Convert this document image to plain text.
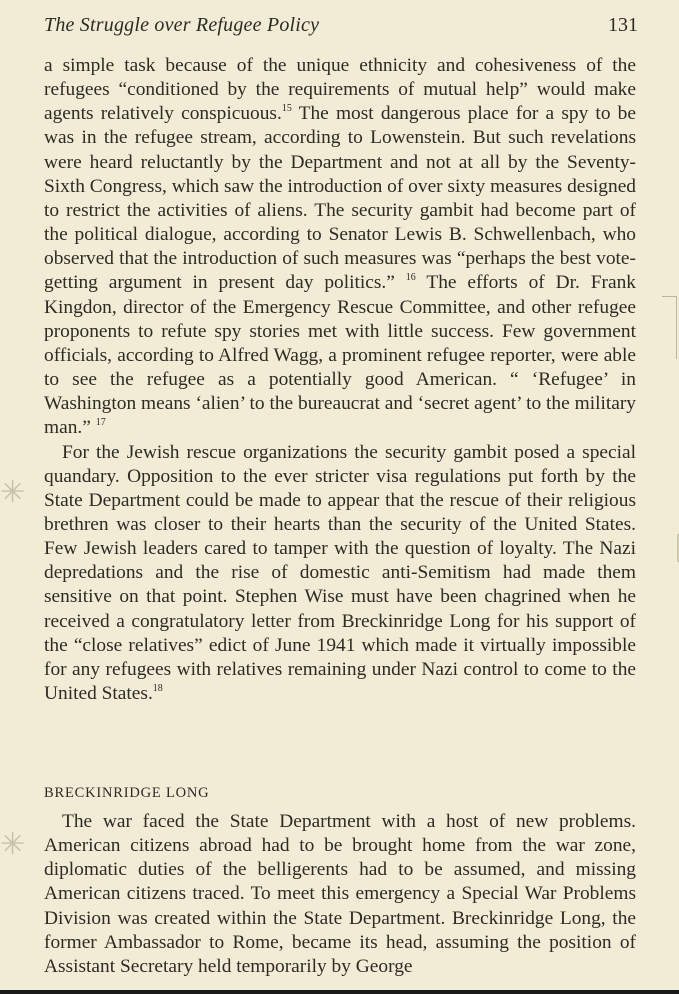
The Struggle over Refugee Policy	131

a simple task because of the unique ethnicity and cohesiveness of the refugees “conditioned by the requirements of mutual help” would make agents relatively conspicuous.$^{15}$ The most dangerous place for a spy to be was in the refugee stream, according to Lowenstein. But such revelations were heard reluctantly by the Department and not at all by the Seventy-Sixth Congress, which saw the introduction of over sixty measures designed to restrict the activities of aliens. The security gambit had become part of the political dialogue, according to Senator Lewis B. Schwellenbach, who observed that the introduction of such measures was “perhaps the best vote-getting argument in present day politics.” $^{16}$ The efforts of Dr. Frank Kingdon, director of the Emergency Rescue Committee, and other refugee proponents to refute spy stories met with little success. Few government officials, according to Alfred Wagg, a prominent refugee reporter, were able to see the refugee as a potentially good American. “ ‘Refugee’ in Washington means ‘alien’ to the bureaucrat and ‘secret agent’ to the military man.” $^{17}$

For the Jewish rescue organizations the security gambit posed a special quandary. Opposition to the ever stricter visa regulations put forth by the State Department could be made to appear that the rescue of their religious brethren was closer to their hearts than the security of the United States. Few Jewish leaders cared to tamper with the question of loyalty. The Nazi depredations and the rise of domestic anti-Semitism had made them sensitive on that point. Stephen Wise must have been chagrined when he received a congratulatory letter from Breckinridge Long for his support of the “close relatives” edict of June 1941 which made it virtually impossible for any refugees with relatives remaining under Nazi control to come to the United States.$^{18}$

BRECKINRIDGE LONG

The war faced the State Department with a host of new problems. American citizens abroad had to be brought home from the war zone, diplomatic duties of the belligerents had to be assumed, and missing American citizens traced. To meet this emergency a Special War Problems Division was created within the State Department. Breckinridge Long, the former Ambassador to Rome, became its head, assuming the position of Assistant Secretary held temporarily by George

✳
✳
